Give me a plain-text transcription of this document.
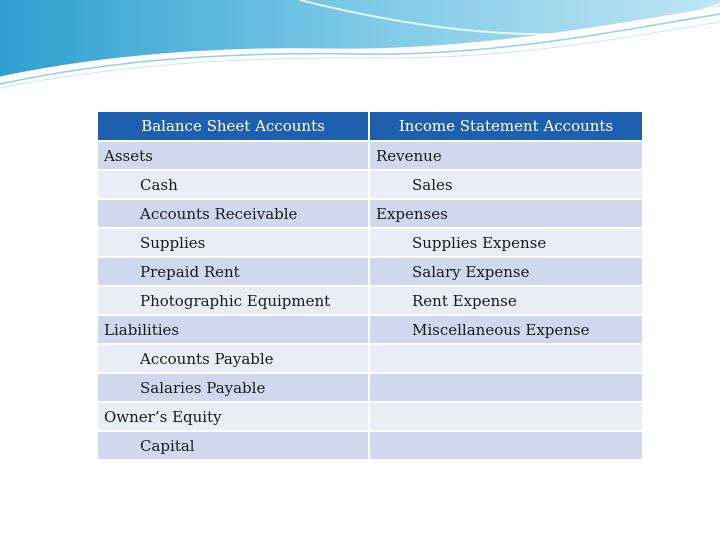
Balance Sheet Accounts	Income Statement Accounts
Assets	Revenue
Cash	Sales
Accounts Receivable	Expenses
Supplies	Supplies Expense
Prepaid Rent	Salary Expense
Photographic Equipment	Rent Expense
Liabilities	Miscellaneous Expense
Accounts Payable	
Salaries Payable	
Owner’s Equity	
Capital	
